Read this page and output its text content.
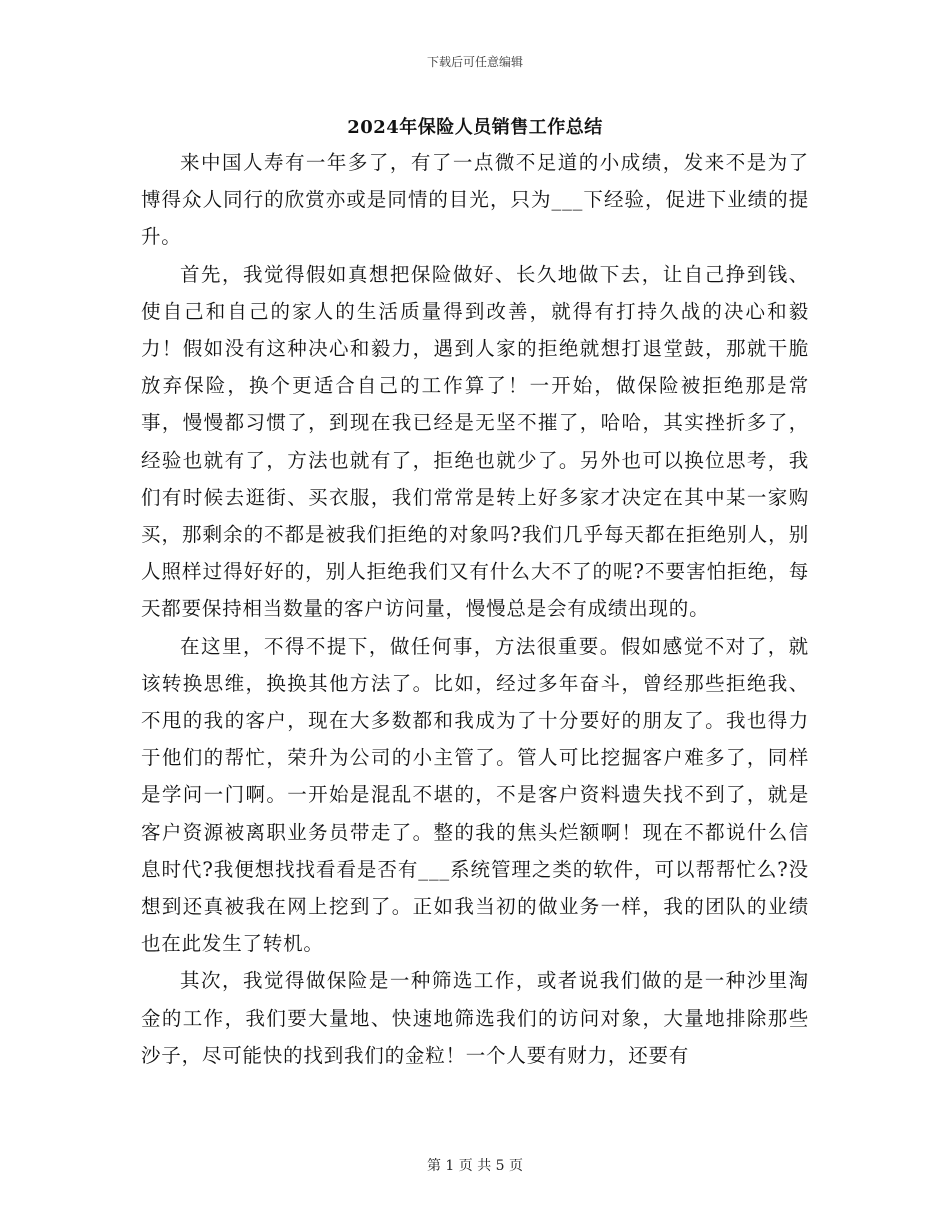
下载后可任意编辑
2024年保险人员销售工作总结

来中国人寿有一年多了，有了一点微不足道的小成绩，发来不是为了博得众人同行的欣赏亦或是同情的目光，只为___下经验，促进下业绩的提升。

首先，我觉得假如真想把保险做好、长久地做下去，让自己挣到钱、使自己和自己的家人的生活质量得到改善，就得有打持久战的决心和毅力！假如没有这种决心和毅力，遇到人家的拒绝就想打退堂鼓，那就干脆放弃保险，换个更适合自己的工作算了！一开始，做保险被拒绝那是常事，慢慢都习惯了，到现在我已经是无坚不摧了，哈哈，其实挫折多了，经验也就有了，方法也就有了，拒绝也就少了。另外也可以换位思考，我们有时候去逛街、买衣服，我们常常是转上好多家才决定在其中某一家购买，那剩余的不都是被我们拒绝的对象吗?我们几乎每天都在拒绝别人，别人照样过得好好的，别人拒绝我们又有什么大不了的呢?不要害怕拒绝，每天都要保持相当数量的客户访问量，慢慢总是会有成绩出现的。

在这里，不得不提下，做任何事，方法很重要。假如感觉不对了，就该转换思维，换换其他方法了。比如，经过多年奋斗，曾经那些拒绝我、不甩的我的客户，现在大多数都和我成为了十分要好的朋友了。我也得力于他们的帮忙，荣升为公司的小主管了。管人可比挖掘客户难多了，同样是学问一门啊。一开始是混乱不堪的，不是客户资料遗失找不到了，就是客户资源被离职业务员带走了。整的我的焦头烂额啊！现在不都说什么信息时代?我便想找找看看是否有___系统管理之类的软件，可以帮帮忙么?没想到还真被我在网上挖到了。正如我当初的做业务一样，我的团队的业绩也在此发生了转机。

其次，我觉得做保险是一种筛选工作，或者说我们做的是一种沙里淘金的工作，我们要大量地、快速地筛选我们的访问对象，大量地排除那些沙子，尽可能快的找到我们的金粒！一个人要有财力，还要有

第 1 页 共 5 页
